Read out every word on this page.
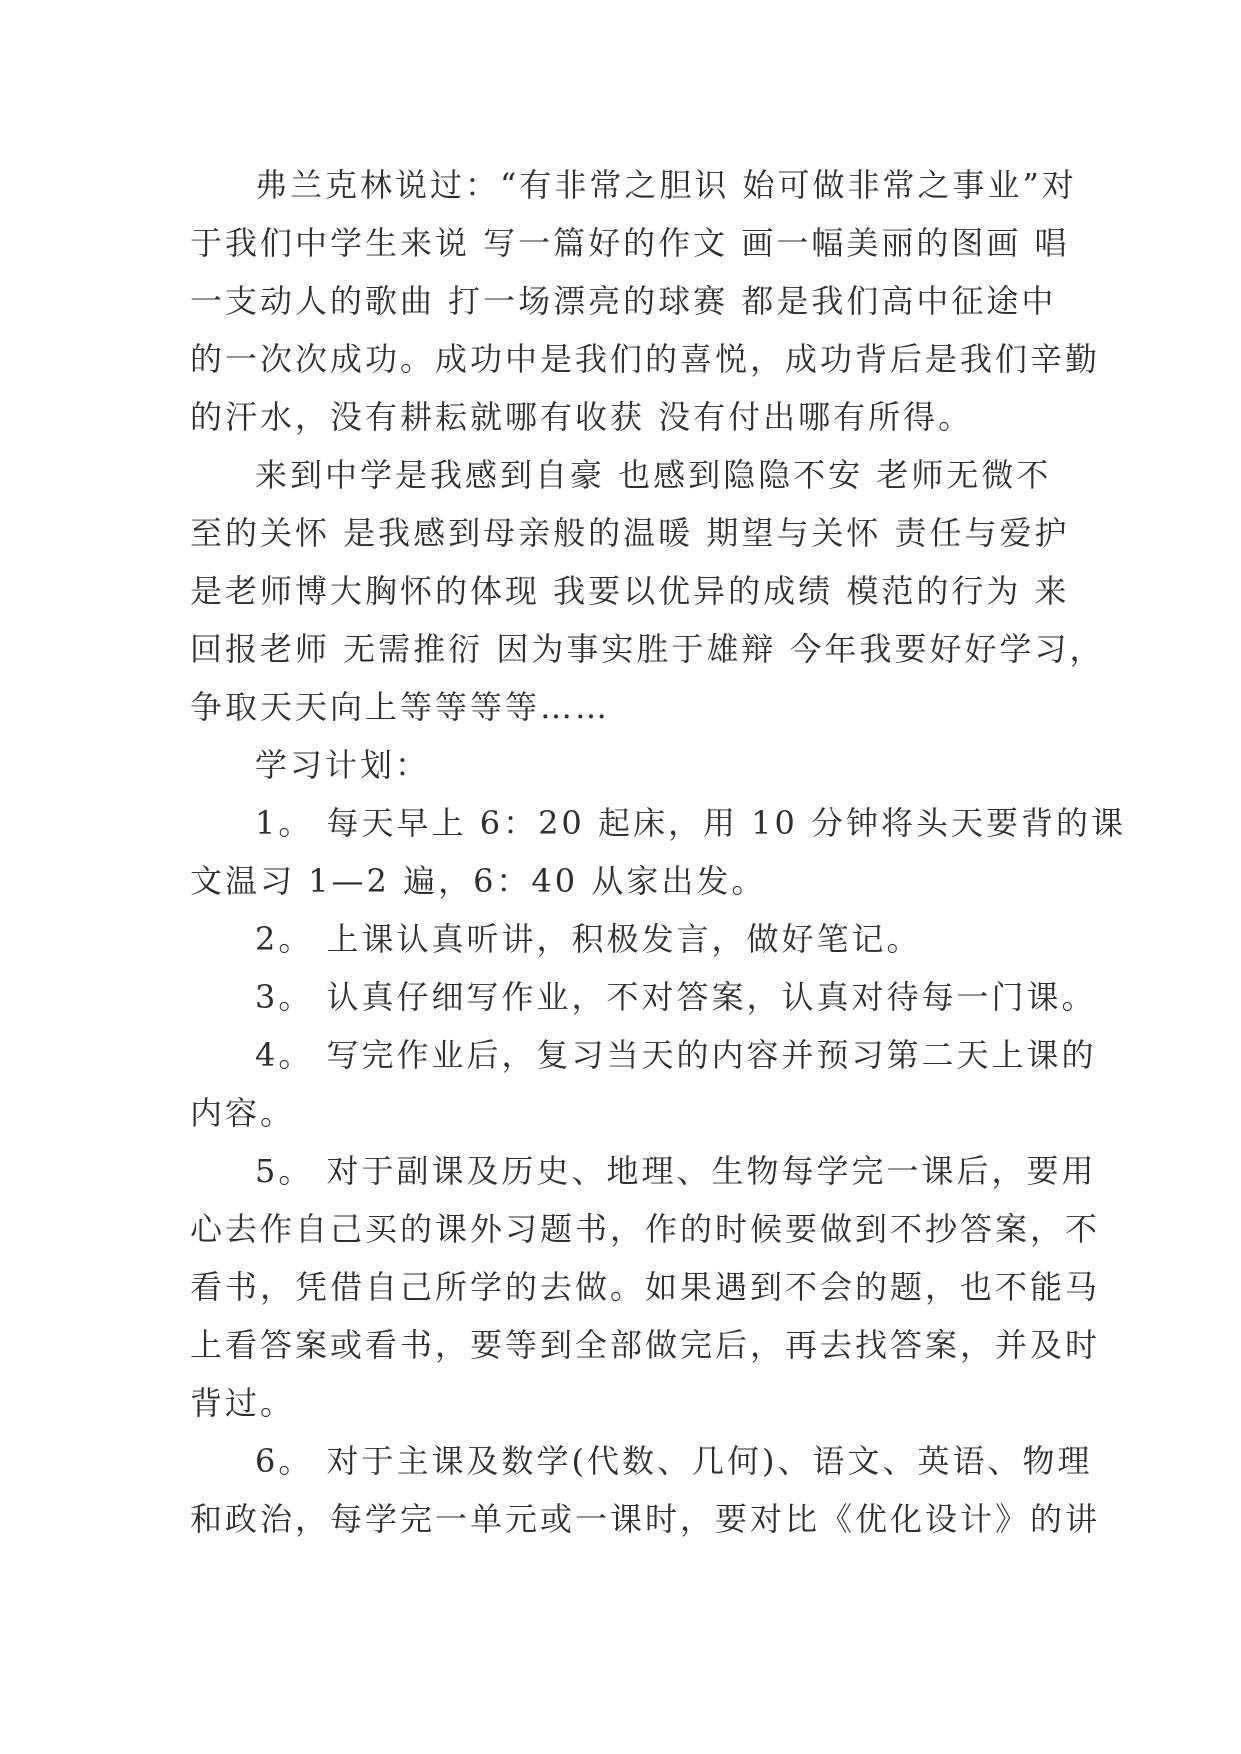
弗兰克林说过：“有非常之胆识 始可做非常之事业”对
于我们中学生来说 写一篇好的作文 画一幅美丽的图画 唱
一支动人的歌曲 打一场漂亮的球赛 都是我们高中征途中
的一次次成功。成功中是我们的喜悦，成功背后是我们辛勤
的汗水，没有耕耘就哪有收获 没有付出哪有所得。
来到中学是我感到自豪 也感到隐隐不安 老师无微不
至的关怀 是我感到母亲般的温暖 期望与关怀 责任与爱护
是老师博大胸怀的体现 我要以优异的成绩 模范的行为 来
回报老师 无需推衍 因为事实胜于雄辩 今年我要好好学习，
争取天天向上等等等等……
学习计划：
1。 每天早上 6：20 起床，用 10 分钟将头天要背的课
文温习 1—2 遍，6：40 从家出发。
2。 上课认真听讲，积极发言，做好笔记。
3。 认真仔细写作业，不对答案，认真对待每一门课。
4。 写完作业后，复习当天的内容并预习第二天上课的
内容。
5。 对于副课及历史、地理、生物每学完一课后，要用
心去作自己买的课外习题书，作的时候要做到不抄答案，不
看书，凭借自己所学的去做。如果遇到不会的题，也不能马
上看答案或看书，要等到全部做完后，再去找答案，并及时
背过。
6。 对于主课及数学(代数、几何)、语文、英语、物理
和政治，每学完一单元或一课时，要对比《优化设计》的讲
